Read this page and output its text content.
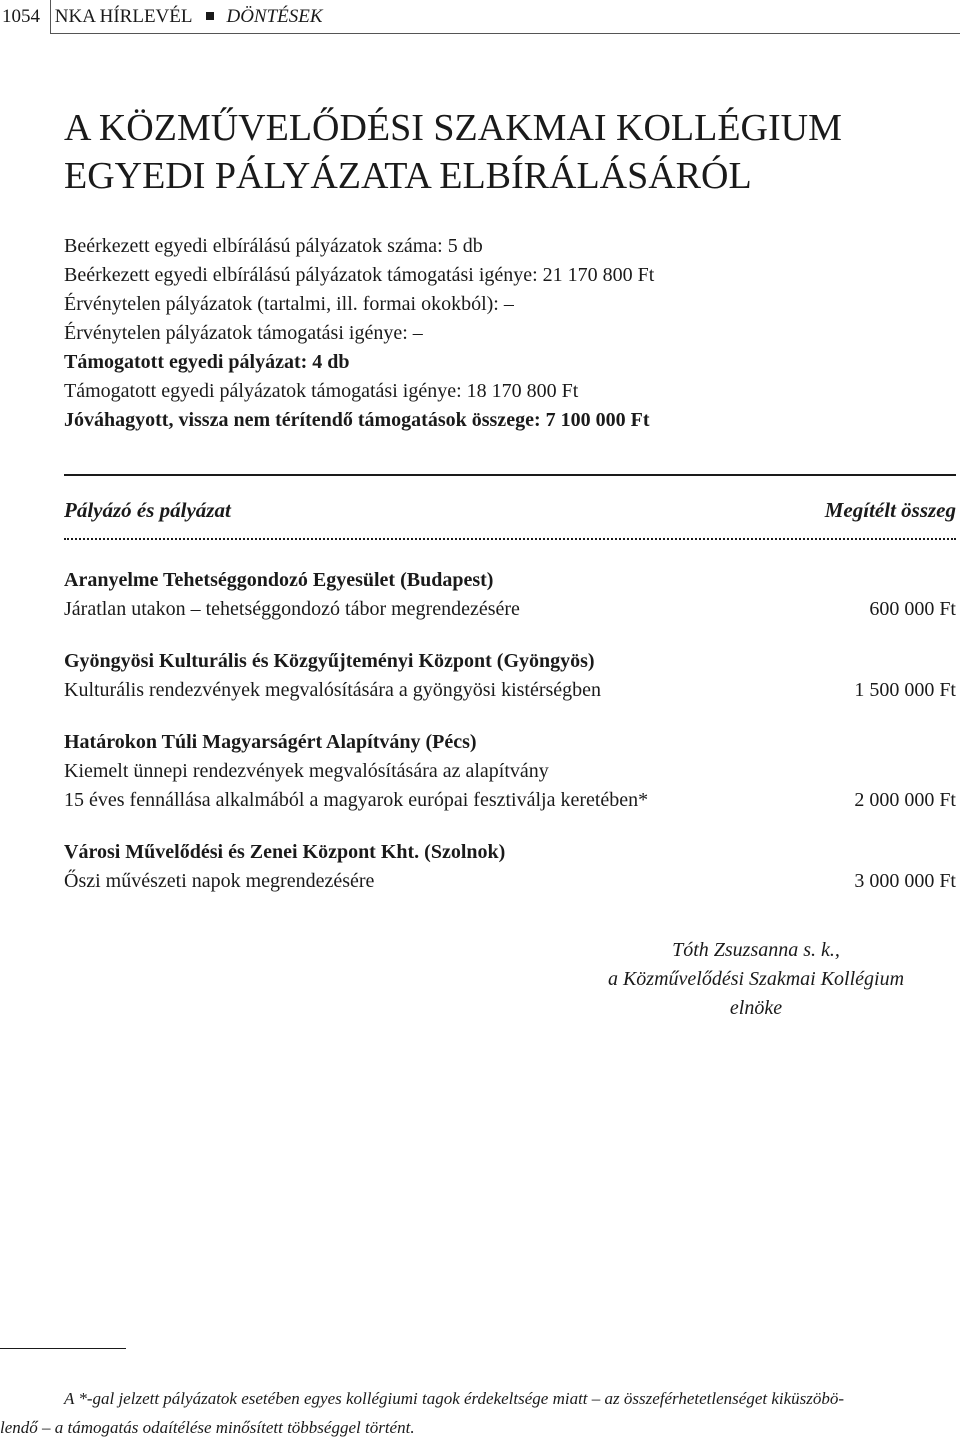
1054 NKA HÍRLEVÉL DÖNTÉSEK
A KÖZMŰVELŐDÉSI SZAKMAI KOLLÉGIUM
EGYEDI PÁLYÁZATA ELBÍRÁLÁSÁRÓL
Beérkezett egyedi elbírálású pályázatok száma: 5 db
Beérkezett egyedi elbírálású pályázatok támogatási igénye: 21 170 800 Ft
Érvénytelen pályázatok (tartalmi, ill. formai okokból): –
Érvénytelen pályázatok támogatási igénye: –
Támogatott egyedi pályázat: 4 db
Támogatott egyedi pályázatok támogatási igénye: 18 170 800 Ft
Jóváhagyott, vissza nem térítendő támogatások összege: 7 100 000 Ft
Pályázó és pályázat	Megítélt összeg
Aranyelme Tehetséggondozó Egyesület (Budapest)
Járatlan utakon – tehetséggondozó tábor megrendezésére	600 000 Ft
Gyöngyösi Kulturális és Közgyűjteményi Központ (Gyöngyös)
Kulturális rendezvények megvalósítására a gyöngyösi kistérségben	1 500 000 Ft
Határokon Túli Magyarságért Alapítvány (Pécs)
Kiemelt ünnepi rendezvények megvalósítására az alapítvány
15 éves fennállása alkalmából a magyarok európai fesztiválja keretében*	2 000 000 Ft
Városi Művelődési és Zenei Központ Kht. (Szolnok)
Őszi művészeti napok megrendezésére	3 000 000 Ft
Tóth Zsuzsanna s. k.,
a Közművelődési Szakmai Kollégium
elnöke
A *-gal jelzett pályázatok esetében egyes kollégiumi tagok érdekeltsége miatt – az összeférhetetlenséget kiküszöbö-
lendő – a támogatás odaítélése minősített többséggel történt.
